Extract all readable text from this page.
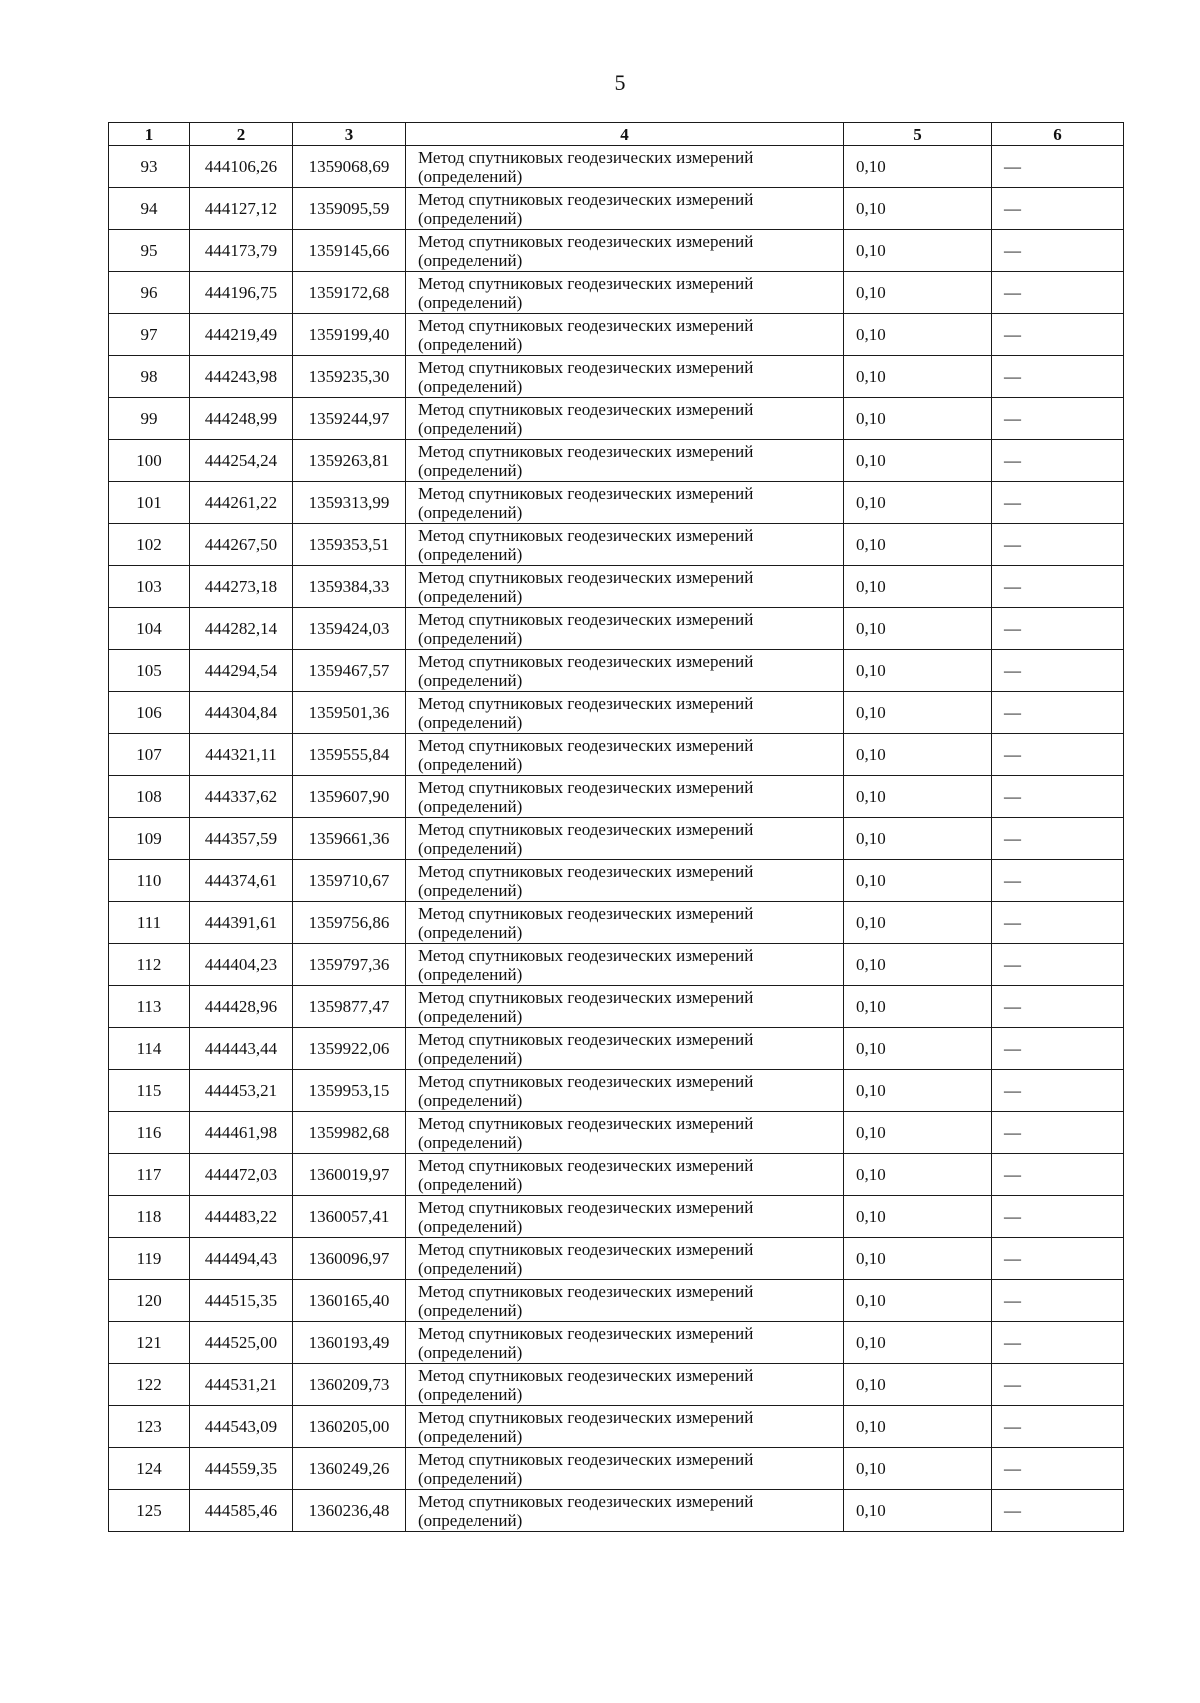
5
1	2	3	4	5	6
93	444106,26	1359068,69	Метод спутниковых геодезических измерений (определений)	0,10	—
94	444127,12	1359095,59	Метод спутниковых геодезических измерений (определений)	0,10	—
95	444173,79	1359145,66	Метод спутниковых геодезических измерений (определений)	0,10	—
96	444196,75	1359172,68	Метод спутниковых геодезических измерений (определений)	0,10	—
97	444219,49	1359199,40	Метод спутниковых геодезических измерений (определений)	0,10	—
98	444243,98	1359235,30	Метод спутниковых геодезических измерений (определений)	0,10	—
99	444248,99	1359244,97	Метод спутниковых геодезических измерений (определений)	0,10	—
100	444254,24	1359263,81	Метод спутниковых геодезических измерений (определений)	0,10	—
101	444261,22	1359313,99	Метод спутниковых геодезических измерений (определений)	0,10	—
102	444267,50	1359353,51	Метод спутниковых геодезических измерений (определений)	0,10	—
103	444273,18	1359384,33	Метод спутниковых геодезических измерений (определений)	0,10	—
104	444282,14	1359424,03	Метод спутниковых геодезических измерений (определений)	0,10	—
105	444294,54	1359467,57	Метод спутниковых геодезических измерений (определений)	0,10	—
106	444304,84	1359501,36	Метод спутниковых геодезических измерений (определений)	0,10	—
107	444321,11	1359555,84	Метод спутниковых геодезических измерений (определений)	0,10	—
108	444337,62	1359607,90	Метод спутниковых геодезических измерений (определений)	0,10	—
109	444357,59	1359661,36	Метод спутниковых геодезических измерений (определений)	0,10	—
110	444374,61	1359710,67	Метод спутниковых геодезических измерений (определений)	0,10	—
111	444391,61	1359756,86	Метод спутниковых геодезических измерений (определений)	0,10	—
112	444404,23	1359797,36	Метод спутниковых геодезических измерений (определений)	0,10	—
113	444428,96	1359877,47	Метод спутниковых геодезических измерений (определений)	0,10	—
114	444443,44	1359922,06	Метод спутниковых геодезических измерений (определений)	0,10	—
115	444453,21	1359953,15	Метод спутниковых геодезических измерений (определений)	0,10	—
116	444461,98	1359982,68	Метод спутниковых геодезических измерений (определений)	0,10	—
117	444472,03	1360019,97	Метод спутниковых геодезических измерений (определений)	0,10	—
118	444483,22	1360057,41	Метод спутниковых геодезических измерений (определений)	0,10	—
119	444494,43	1360096,97	Метод спутниковых геодезических измерений (определений)	0,10	—
120	444515,35	1360165,40	Метод спутниковых геодезических измерений (определений)	0,10	—
121	444525,00	1360193,49	Метод спутниковых геодезических измерений (определений)	0,10	—
122	444531,21	1360209,73	Метод спутниковых геодезических измерений (определений)	0,10	—
123	444543,09	1360205,00	Метод спутниковых геодезических измерений (определений)	0,10	—
124	444559,35	1360249,26	Метод спутниковых геодезических измерений (определений)	0,10	—
125	444585,46	1360236,48	Метод спутниковых геодезических измерений (определений)	0,10	—
